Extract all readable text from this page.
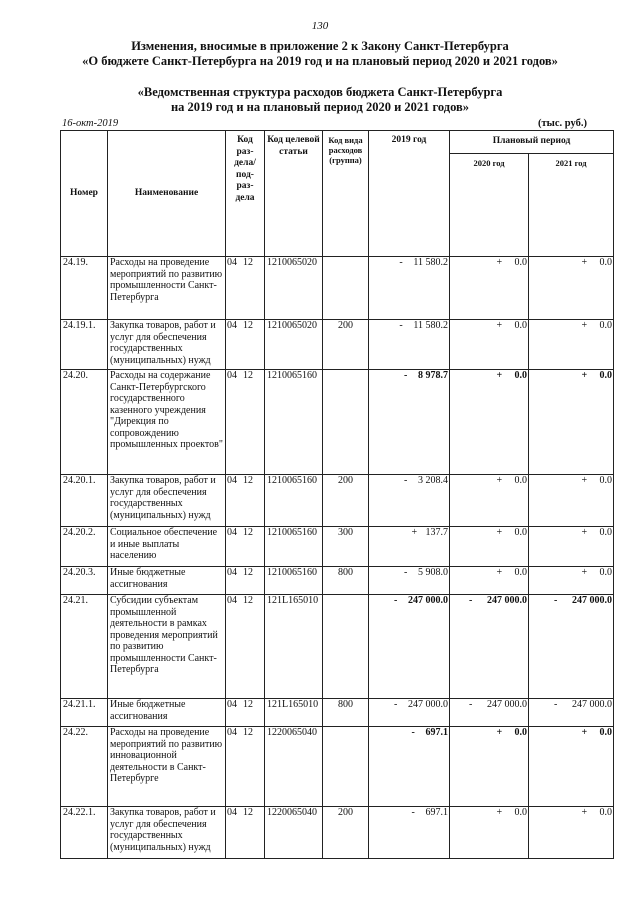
130
Изменения, вносимые в приложение 2 к Закону Санкт-Петербурга
«О бюджете Санкт-Петербурга на 2019 год и на плановый период 2020 и 2021 годов»
«Ведомственная структура расходов бюджета Санкт-Петербурга
на 2019 год и на плановый период 2020 и 2021 годов»
16-окт-2019	(тыс. руб.)
Номер	Наименование	Код раз-дела/ под-раз-дела	Код целевой статьи	Код вида расходов (группа)	2019 год	Плановый период	
						2020 год	2021 год
24.19.	Расходы на проведение мероприятий по развитию промышленности Санкт-Петербурга	04 12	1210065020		- 11 580.2	+ 0.0	+ 0.0
24.19.1.	Закупка товаров, работ и услуг для обеспечения государственных (муниципальных) нужд	04 12	1210065020	200	- 11 580.2	+ 0.0	+ 0.0
24.20.	Расходы на содержание Санкт-Петербургского государственного казенного учреждения "Дирекция по сопровождению промышленных проектов"	04 12	1210065160		- 8 978.7	+ 0.0	+ 0.0
24.20.1.	Закупка товаров, работ и услуг для обеспечения государственных (муниципальных) нужд	04 12	1210065160	200	- 3 208.4	+ 0.0	+ 0.0
24.20.2.	Социальное обеспечение и иные выплаты населению	04 12	1210065160	300	+ 137.7	+ 0.0	+ 0.0
24.20.3.	Иные бюджетные ассигнования	04 12	1210065160	800	- 5 908.0	+ 0.0	+ 0.0
24.21.	Субсидии субъектам промышленной деятельности в рамках проведения мероприятий по развитию промышленности Санкт-Петербурга	04 12	121L165010		- 247 000.0	- 247 000.0	- 247 000.0
24.21.1.	Иные бюджетные ассигнования	04 12	121L165010	800	- 247 000.0	- 247 000.0	- 247 000.0
24.22.	Расходы на проведение мероприятий по развитию инновационной деятельности в Санкт-Петербурге	04 12	1220065040		- 697.1	+ 0.0	+ 0.0
24.22.1.	Закупка товаров, работ и услуг для обеспечения государственных (муниципальных) нужд	04 12	1220065040	200	- 697.1	+ 0.0	+ 0.0
